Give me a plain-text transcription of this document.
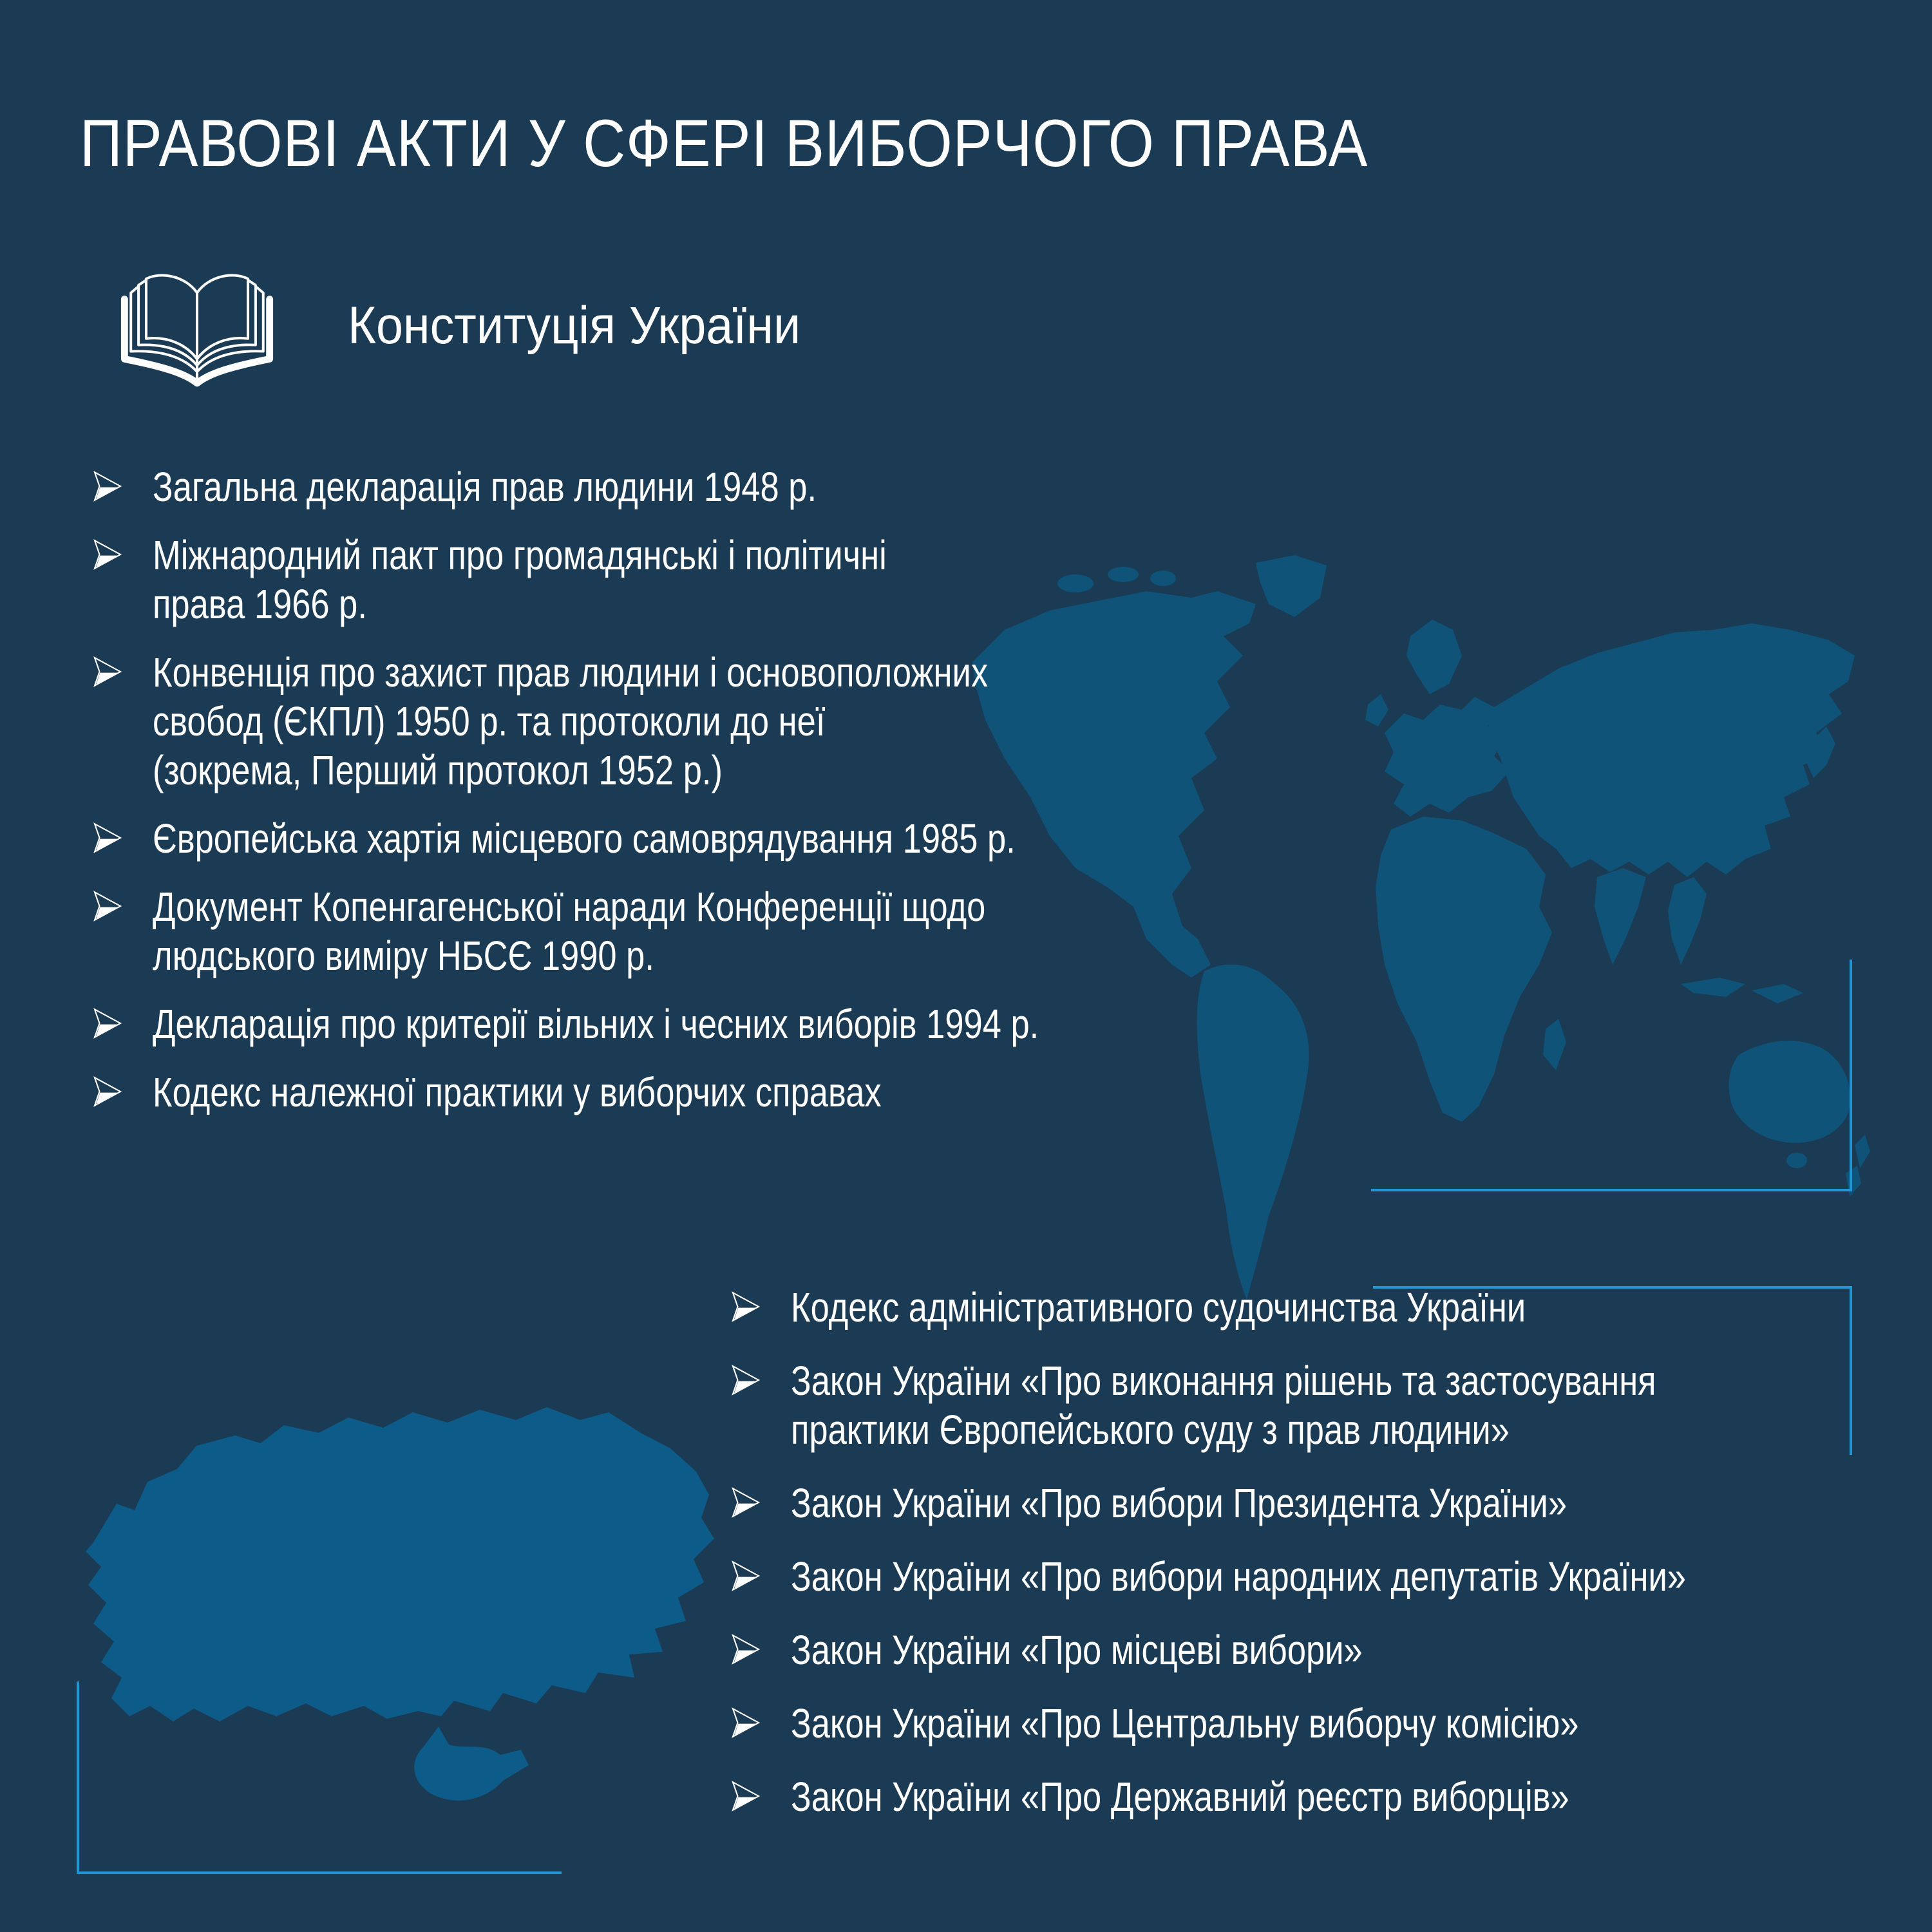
ПРАВОВІ АКТИ У СФЕРІ ВИБОРЧОГО ПРАВА
Конституція України
Загальна декларація прав людини 1948 р.
Міжнародний пакт про громадянські і політичні
права 1966 р.
Конвенція про захист прав людини і основоположних
свобод (ЄКПЛ) 1950 р. та протоколи до неї
(зокрема, Перший протокол 1952 р.)
Європейська хартія місцевого самоврядування 1985 р.
Документ Копенгагенської наради Конференції щодо
людського виміру НБСЄ 1990 р.
Декларація про критерії вільних і чесних виборів 1994 р.
Кодекс належної практики у виборчих справах
Кодекс адміністративного судочинства України
Закон України «Про виконання рішень та застосування
практики Європейського суду з прав людини»
Закон України «Про вибори Президента України»
Закон України «Про вибори народних депутатів України»
Закон України «Про місцеві вибори»
Закон України «Про Центральну виборчу комісію»
Закон України «Про Державний реєстр виборців»
